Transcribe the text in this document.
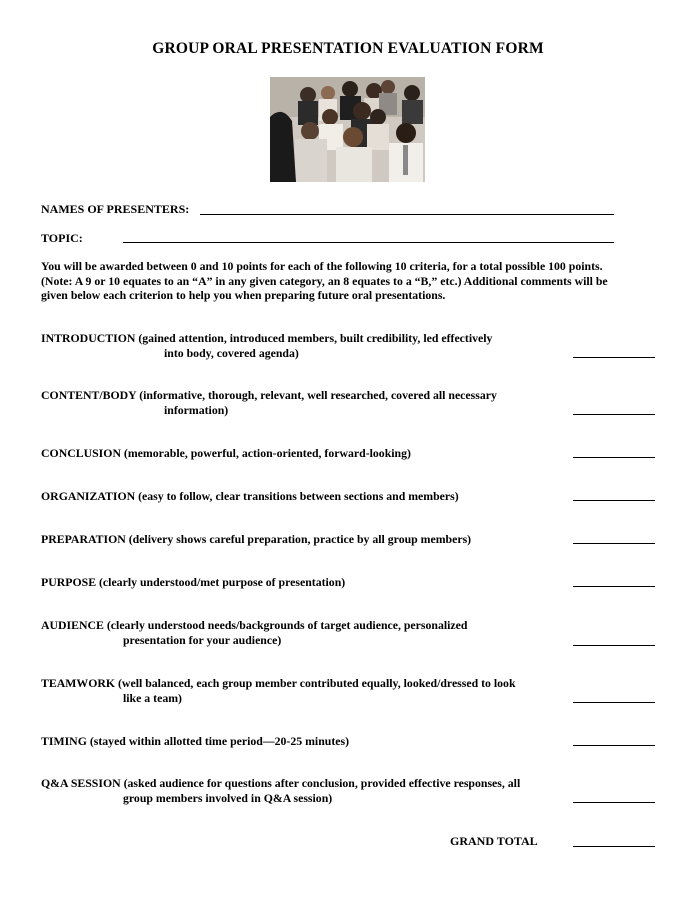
GROUP ORAL PRESENTATION EVALUATION FORM
NAMES OF PRESENTERS:
TOPIC:
You will be awarded between 0 and 10 points for each of the following 10 criteria, for a total possible 100 points.
(Note: A 9 or 10 equates to an “A” in any given category, an 8 equates to a “B,” etc.) Additional comments will be
given below each criterion to help you when preparing future oral presentations.
INTRODUCTION (gained attention, introduced members, built credibility, led effectively
into body, covered agenda)
CONTENT/BODY (informative, thorough, relevant, well researched, covered all necessary
information)
CONCLUSION (memorable, powerful, action-oriented, forward-looking)
ORGANIZATION (easy to follow, clear transitions between sections and members)
PREPARATION (delivery shows careful preparation, practice by all group members)
PURPOSE (clearly understood/met purpose of presentation)
AUDIENCE (clearly understood needs/backgrounds of target audience, personalized
presentation for your audience)
TEAMWORK (well balanced, each group member contributed equally, looked/dressed to look
like a team)
TIMING (stayed within allotted time period—20-25 minutes)
Q&A SESSION (asked audience for questions after conclusion, provided effective responses, all
group members involved in Q&A session)
GRAND TOTAL
